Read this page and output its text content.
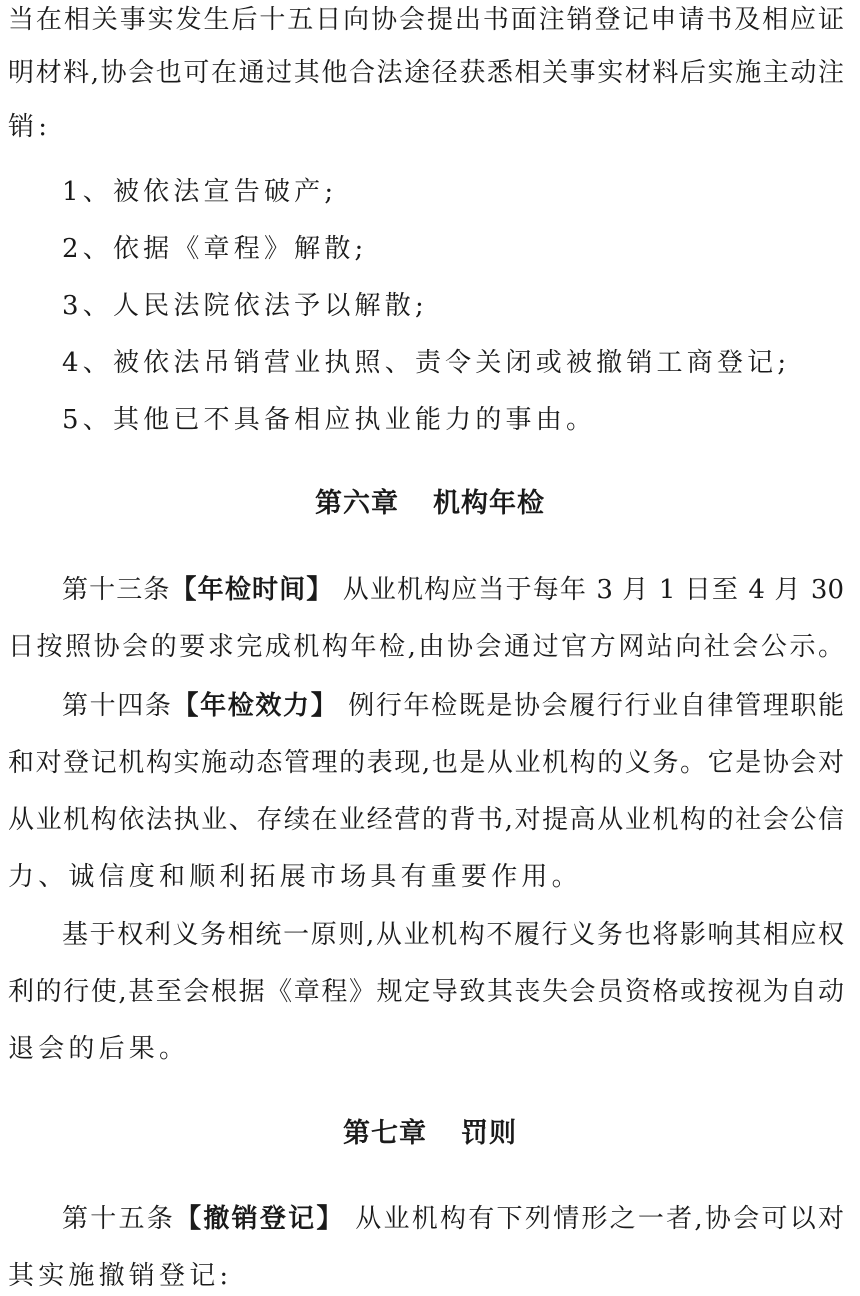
当在相关事实发生后十五日向协会提出书面注销登记申请书及相应证
明材料,协会也可在通过其他合法途径获悉相关事实材料后实施主动注
销:
1、被依法宣告破产;
2、依据《章程》解散;
3、人民法院依法予以解散;
4、被依法吊销营业执照、责令关闭或被撤销工商登记;
5、其他已不具备相应执业能力的事由。
第六章 机构年检
第十三条【年检时间】 从业机构应当于每年 3 月 1 日至 4 月 30
日按照协会的要求完成机构年检,由协会通过官方网站向社会公示。
第十四条【年检效力】 例行年检既是协会履行行业自律管理职能
和对登记机构实施动态管理的表现,也是从业机构的义务。它是协会对
从业机构依法执业、存续在业经营的背书,对提高从业机构的社会公信
力、诚信度和顺利拓展市场具有重要作用。
基于权利义务相统一原则,从业机构不履行义务也将影响其相应权
利的行使,甚至会根据《章程》规定导致其丧失会员资格或按视为自动
退会的后果。
第七章 罚则
第十五条【撤销登记】 从业机构有下列情形之一者,协会可以对
其实施撤销登记:
